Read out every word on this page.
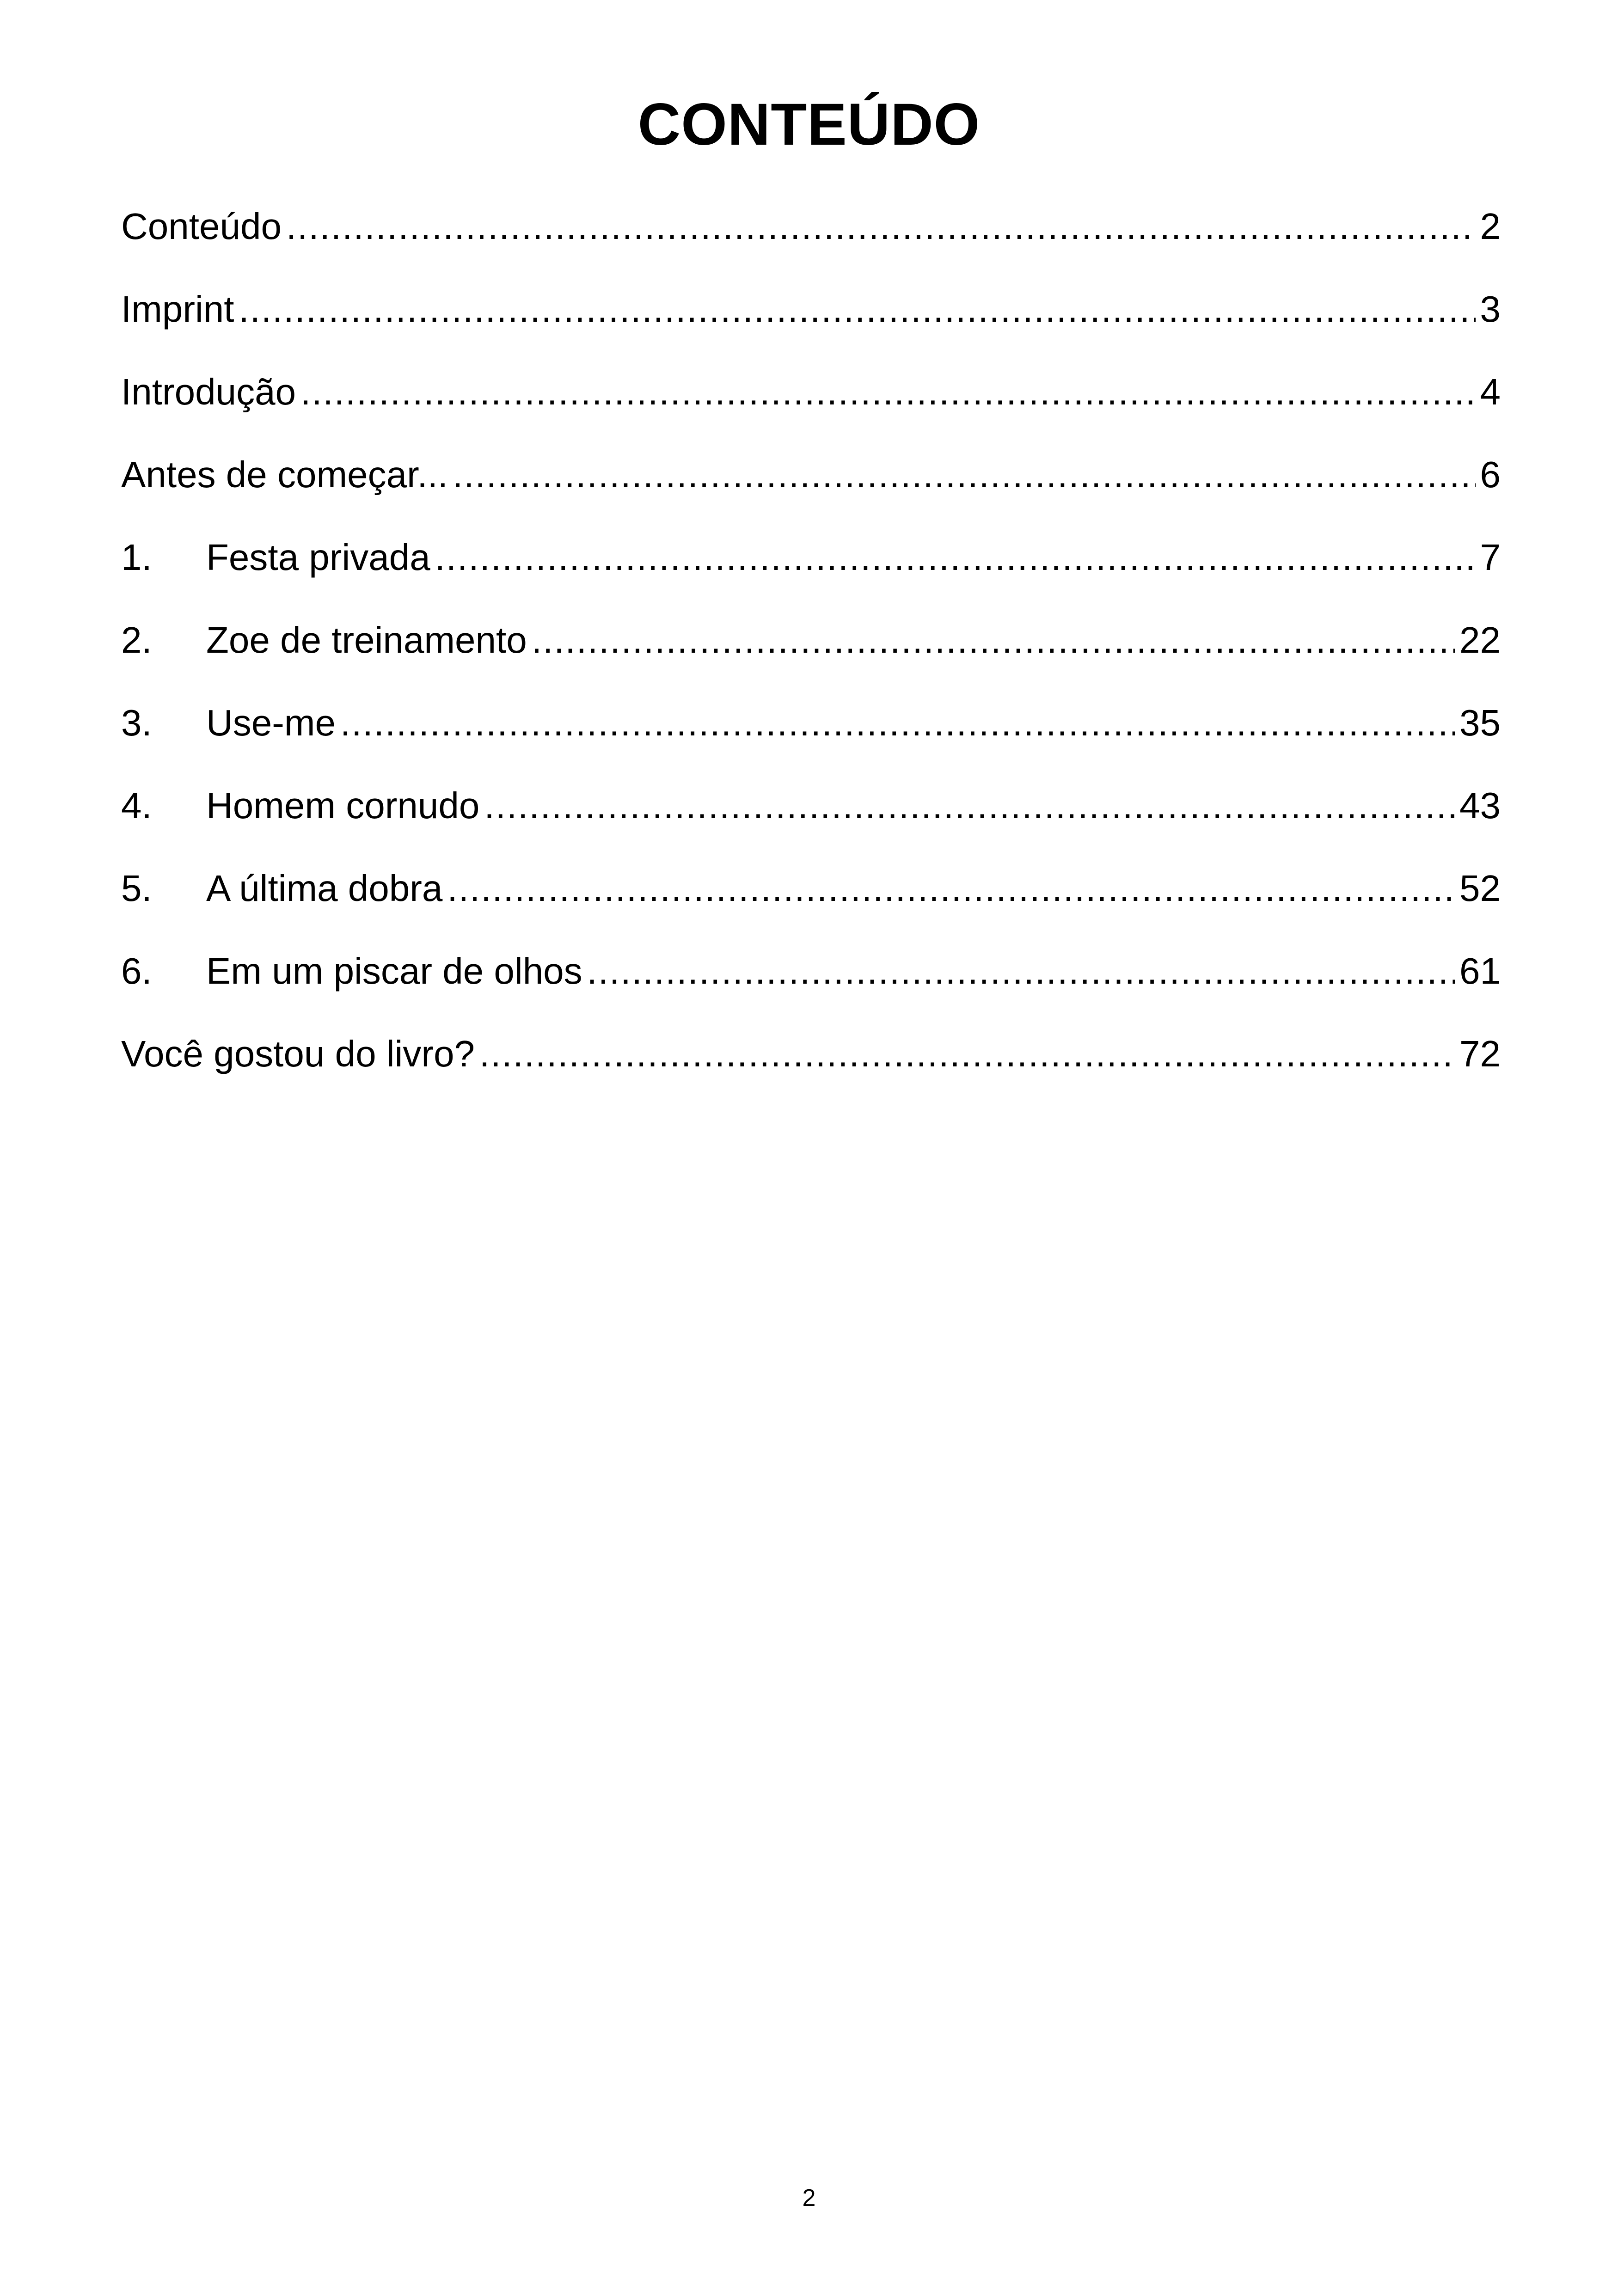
CONTEÚDO
Conteúdo .....	2
Imprint .....	3
Introdução .....	4
Antes de começar... .....	6
1.	Festa privada .....	7
2.	Zoe de treinamento .....	22
3.	Use-me .....	35
4.	Homem cornudo .....	43
5.	A última dobra .....	52
6.	Em um piscar de olhos .....	61
Você gostou do livro? .....	72
2
